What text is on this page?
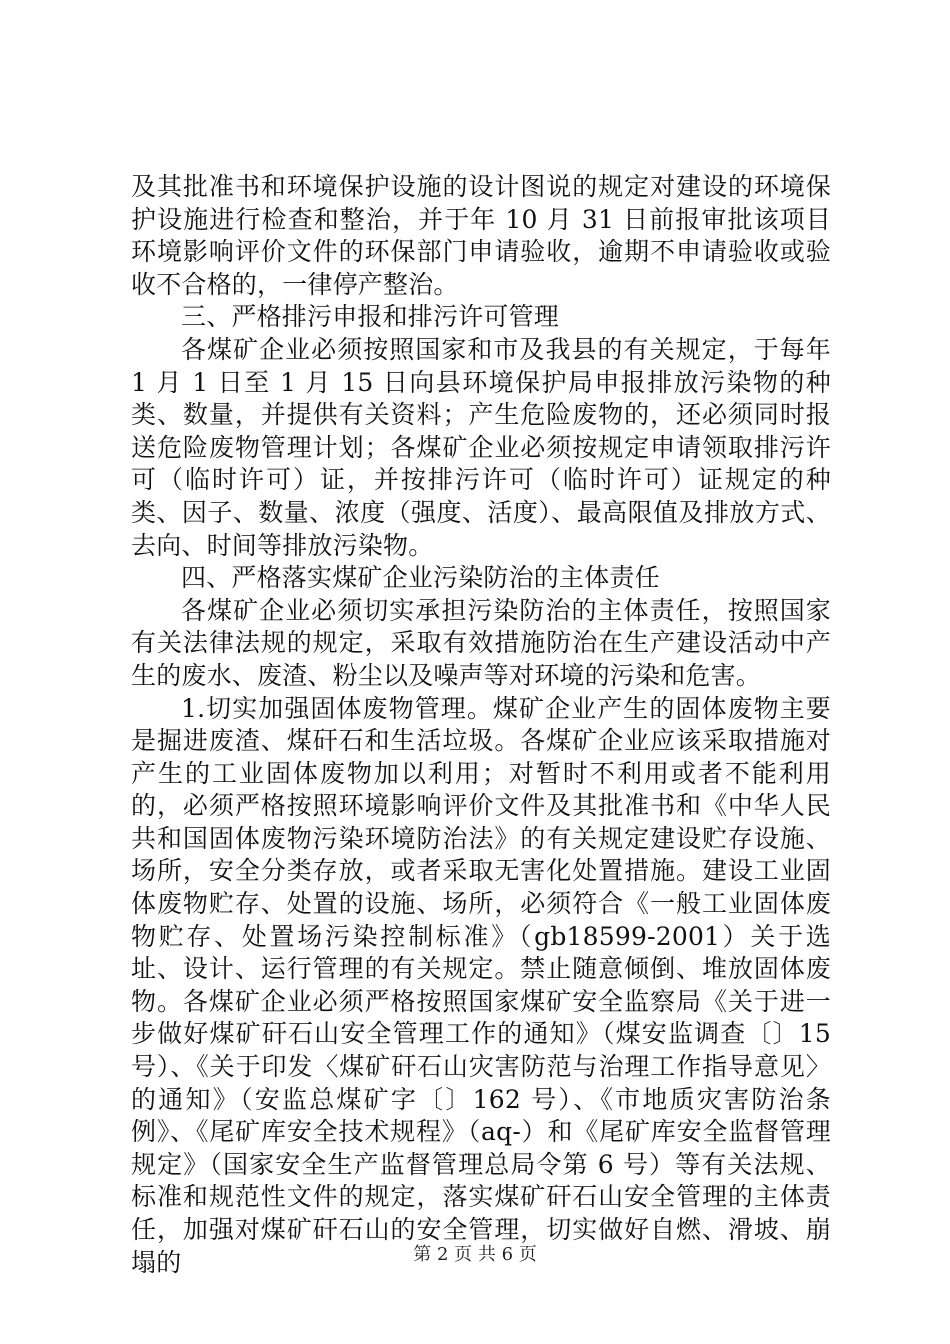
及其批准书和环境保护设施的设计图说的规定对建设的环境保护设施进行检查和整治，并于年 10 月 31 日前报审批该项目环境影响评价文件的环保部门申请验收，逾期不申请验收或验收不合格的，一律停产整治。

三、严格排污申报和排污许可管理

各煤矿企业必须按照国家和市及我县的有关规定，于每年 1 月 1 日至 1 月 15 日向县环境保护局申报排放污染物的种类、数量，并提供有关资料；产生危险废物的，还必须同时报送危险废物管理计划；各煤矿企业必须按规定申请领取排污许可（临时许可）证，并按排污许可（临时许可）证规定的种类、因子、数量、浓度（强度、活度）、最高限值及排放方式、去向、时间等排放污染物。

四、严格落实煤矿企业污染防治的主体责任

各煤矿企业必须切实承担污染防治的主体责任，按照国家有关法律法规的规定，采取有效措施防治在生产建设活动中产生的废水、废渣、粉尘以及噪声等对环境的污染和危害。

1.切实加强固体废物管理。煤矿企业产生的固体废物主要是掘进废渣、煤矸石和生活垃圾。各煤矿企业应该采取措施对产生的工业固体废物加以利用；对暂时不利用或者不能利用的，必须严格按照环境影响评价文件及其批准书和《中华人民共和国固体废物污染环境防治法》的有关规定建设贮存设施、场所，安全分类存放，或者采取无害化处置措施。建设工业固体废物贮存、处置的设施、场所，必须符合《一般工业固体废物贮存、处置场污染控制标准》（gb18599-2001）关于选址、设计、运行管理的有关规定。禁止随意倾倒、堆放固体废物。各煤矿企业必须严格按照国家煤矿安全监察局《关于进一步做好煤矿矸石山安全管理工作的通知》（煤安监调查〔〕15 号）、《关于印发〈煤矿矸石山灾害防范与治理工作指导意见〉的通知》（安监总煤矿字〔〕162 号）、《市地质灾害防治条例》、《尾矿库安全技术规程》（aq-）和《尾矿库安全监督管理规定》（国家安全生产监督管理总局令第 6 号）等有关法规、标准和规范性文件的规定，落实煤矿矸石山安全管理的主体责任，加强对煤矿矸石山的安全管理，切实做好自燃、滑坡、崩塌的	第 2 页 共 6 页
